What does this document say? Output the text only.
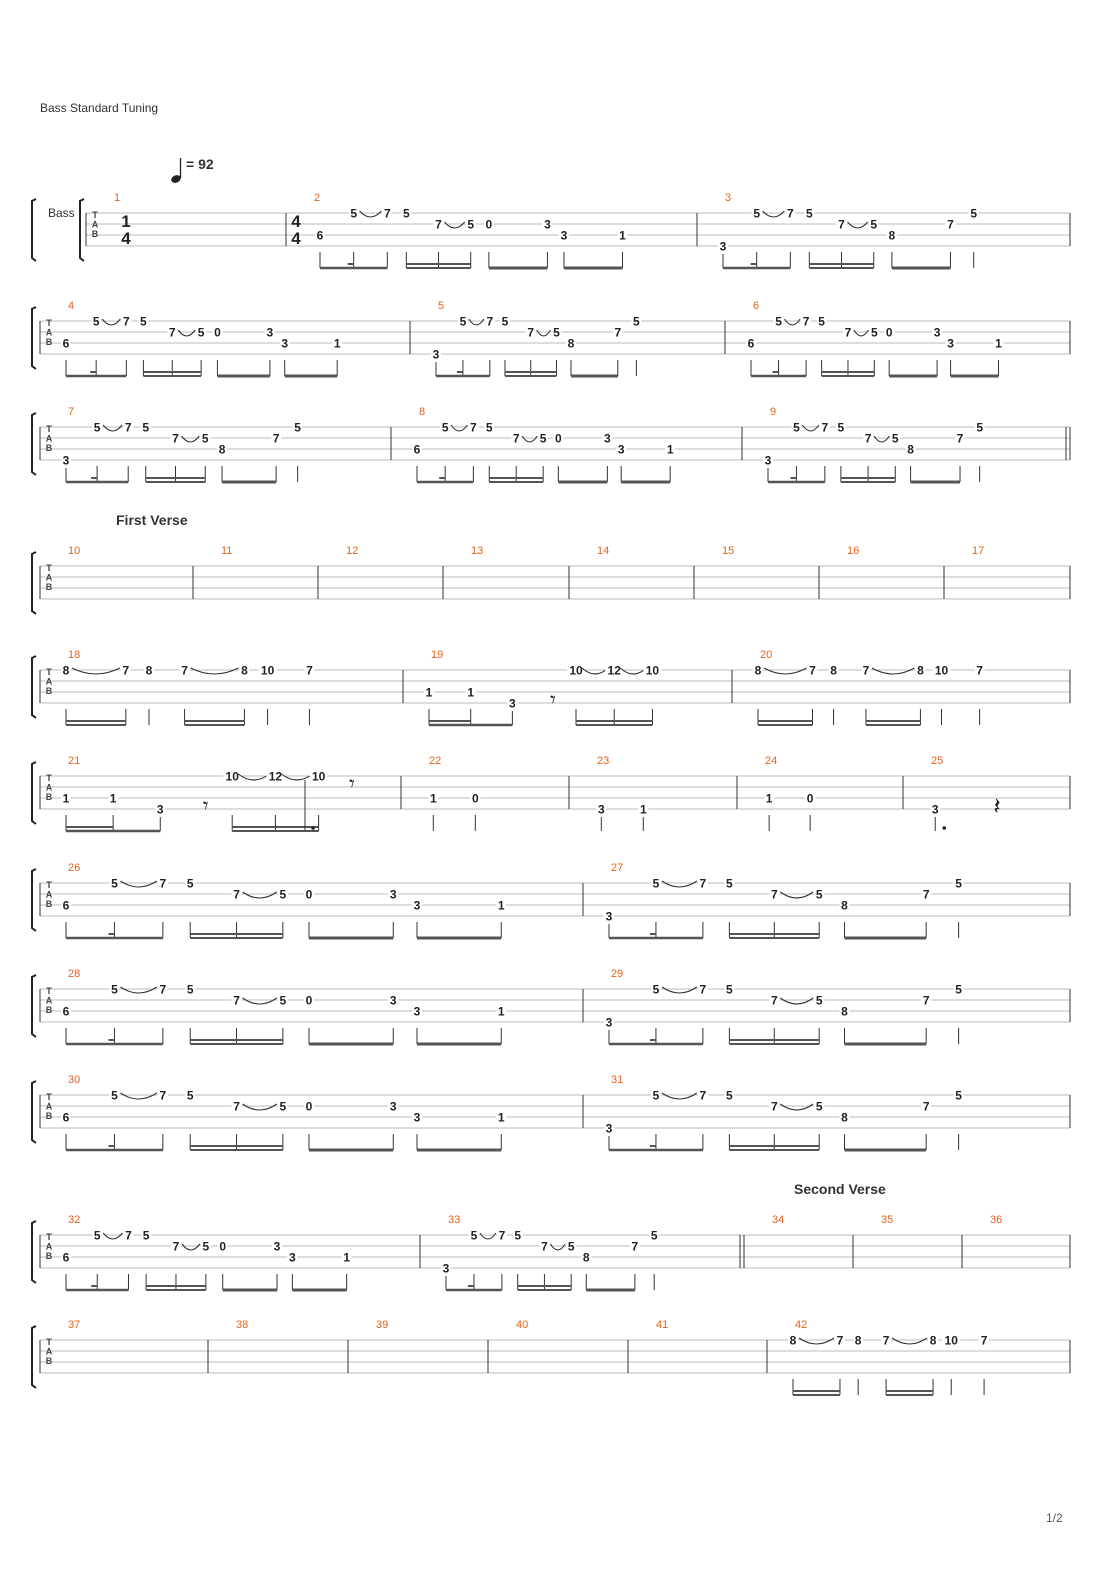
Bass Standard Tuning
= 92
Bass
First Verse
Second Verse
1/2
T
A
B
1
1
4
2
4
4 6
5 7 5
7 5 0	3
3	1
3
3
5 7 5
7 5
8
7
5
T
A
B
4
6
5 7 5
7 5 0	3
3	1
5
3
5 7 5
7 5
8
7
5
6
6
5 7 5
7 5 0	3
3	1
T
A
B
7
3
5 7 5
7 5
8
7
5
8
6
5 7 5
7 5 0	3
3	1
9
3
5 7 5
7 5
8
7
5
T
A
B
10	11	12	13	14	15	16	17
T
A
B
18
8	7 8 7	8 10	7
19
1	1
3 𝄾
10 12 10
20
8	7 8 7	8 10 7
T
A
B
21
1	1
3 𝄾
10 12 10 𝄾
22
1	0
23
3	1
24
1	0
25
3 𝄽
T
A
B
26
6
5	7 5
7	5 0	3
3	1
27
3
5	7 5
7	5
8
7
5
T
A
B
28
6
5	7 5
7	5 0	3
3	1
29
3
5	7 5
7	5
8
7
5
T
A
B
30
6
5	7 5
7	5 0	3
3	1
31
3
5	7 5
7	5
8
7
5
T
A
B
32
6
5 7 5
7 5 0	3
3	1
33
3
5 7 5
7 5
8
7
5
34	35	36
T
A
B
37	38	39	40	41	42
8	7 8 7	8 10 7
